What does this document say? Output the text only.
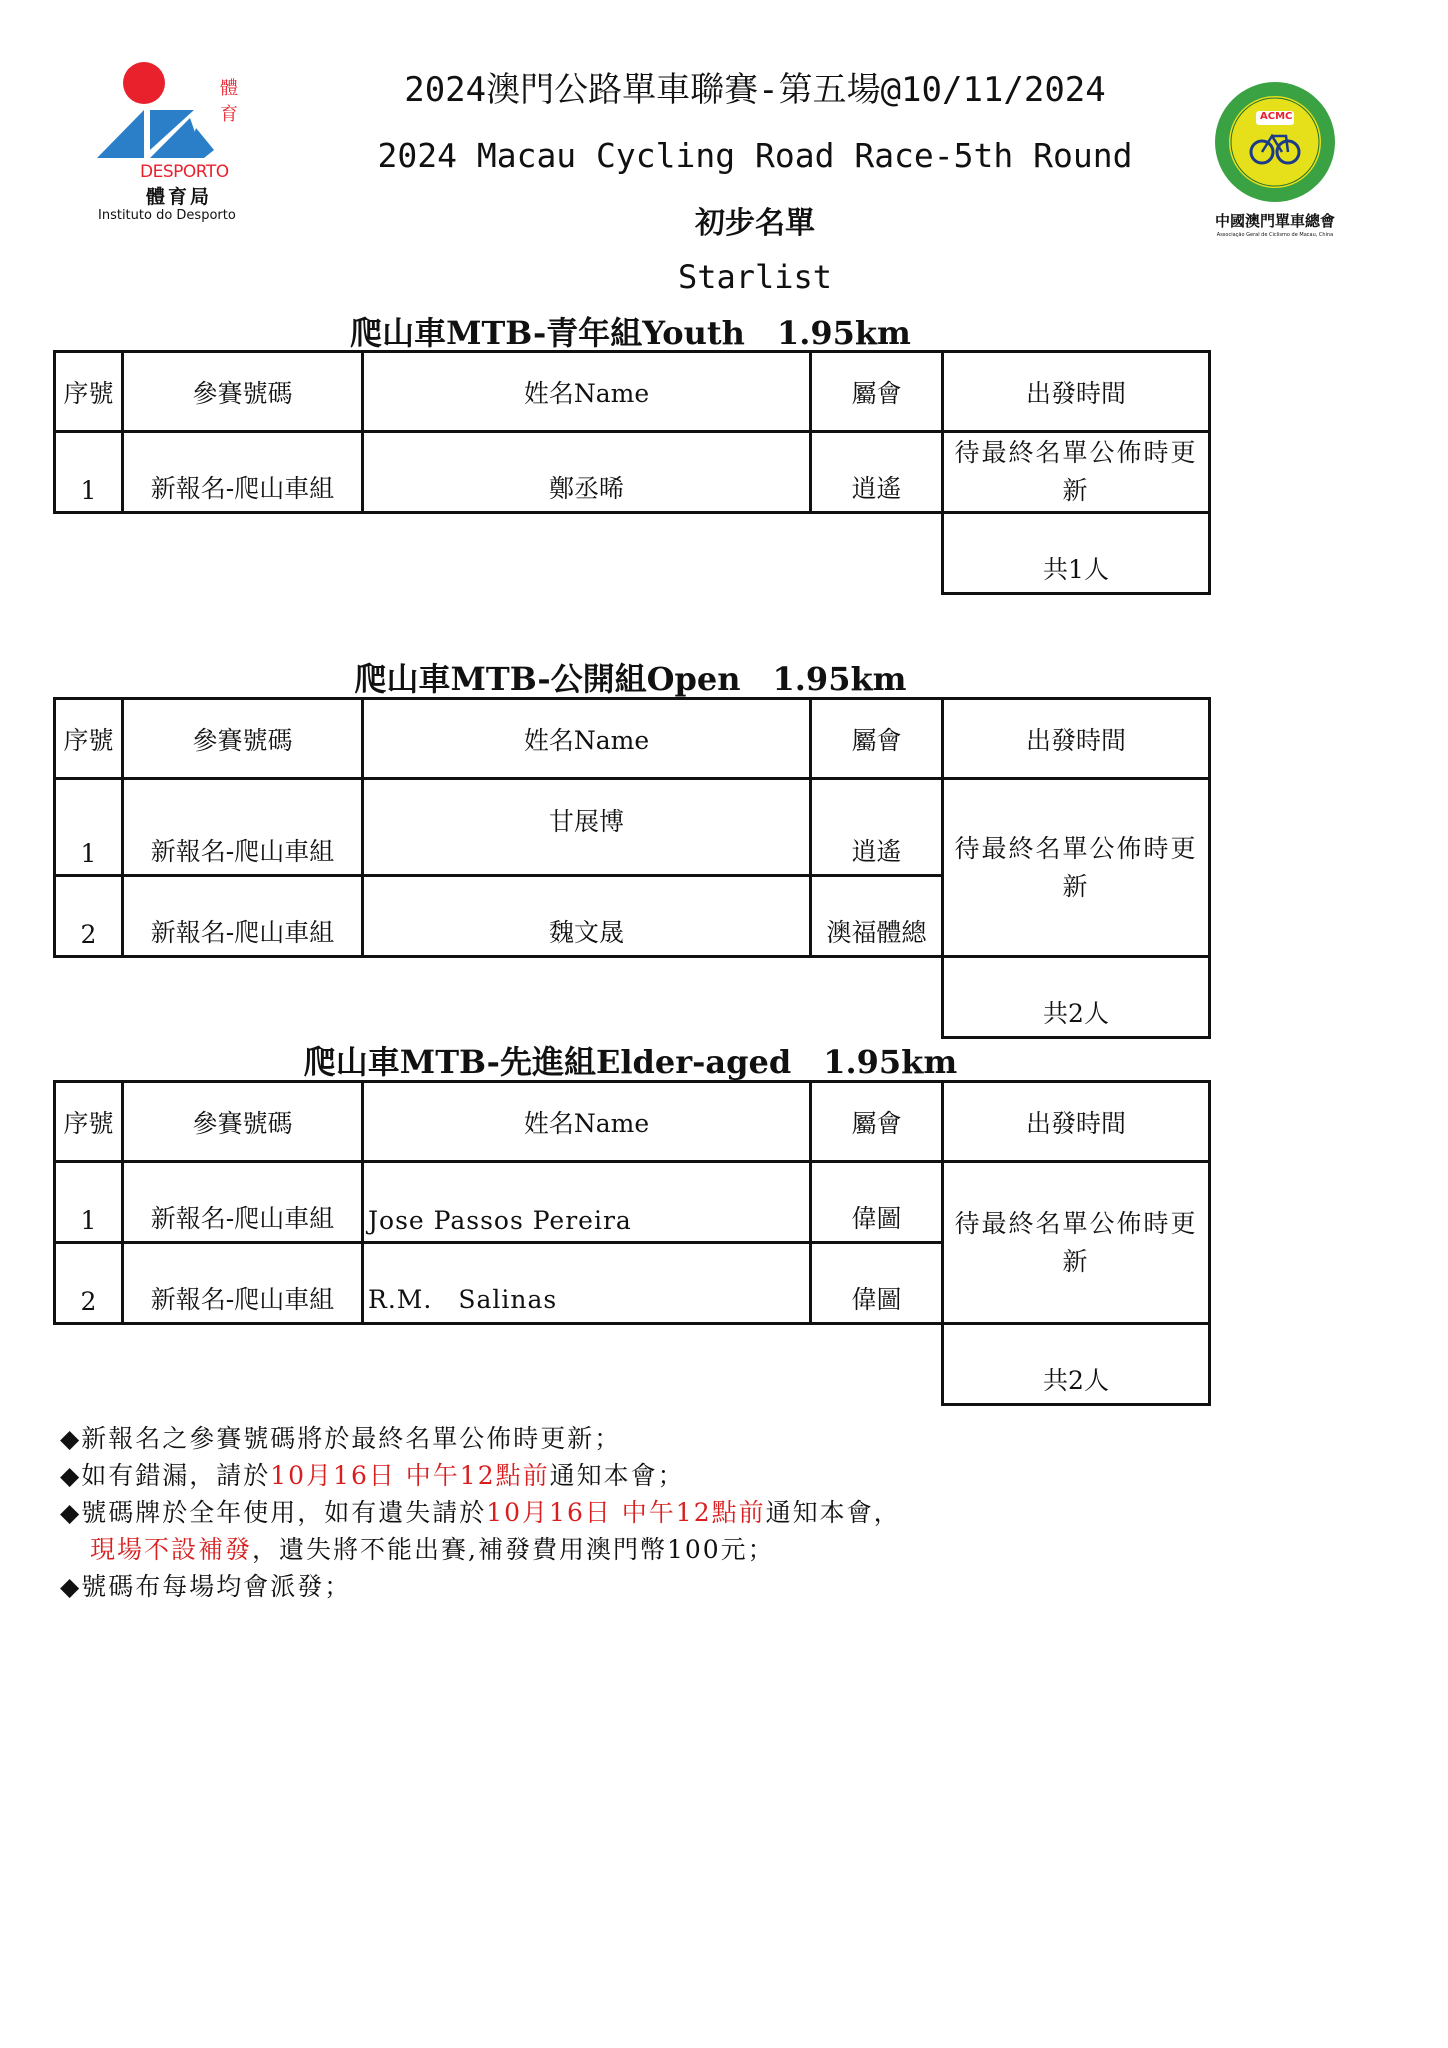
體
育
DESPORTO
體育局
Instituto do Desporto
ACMC
中國澳門單車總會
Associação Geral de Ciclismo de Macau, China
2024澳門公路單車聯賽-第五場@10/11/2024
2024 Macau Cycling Road Race-5th Round
初步名單
Starlist
爬山車MTB-青年組Youth　1.95km
序號	參賽號碼	姓名Name	屬會	出發時間
1	新報名-爬山車組	鄭丞晞	逍遙	待最終名單公佈時更新
				共1人
爬山車MTB-公開組Open　1.95km
序號	參賽號碼	姓名Name	屬會	出發時間
1	新報名-爬山車組	甘展博	逍遙	待最終名單公佈時更新
2	新報名-爬山車組	魏文晟	澳福體總	
				共2人
爬山車MTB-先進組Elder-aged　1.95km
序號	參賽號碼	姓名Name	屬會	出發時間
1	新報名-爬山車組	Jose Passos Pereira	偉圖	待最終名單公佈時更新
2	新報名-爬山車組	R.M.　Salinas	偉圖	
				共2人
◆新報名之參賽號碼將於最終名單公佈時更新；
◆如有錯漏，請於10月16日 中午12點前通知本會；
◆號碼牌於全年使用，如有遺失請於10月16日 中午12點前通知本會，
現場不設補發，遺失將不能出賽,補發費用澳門幣100元；
◆號碼布每場均會派發；
